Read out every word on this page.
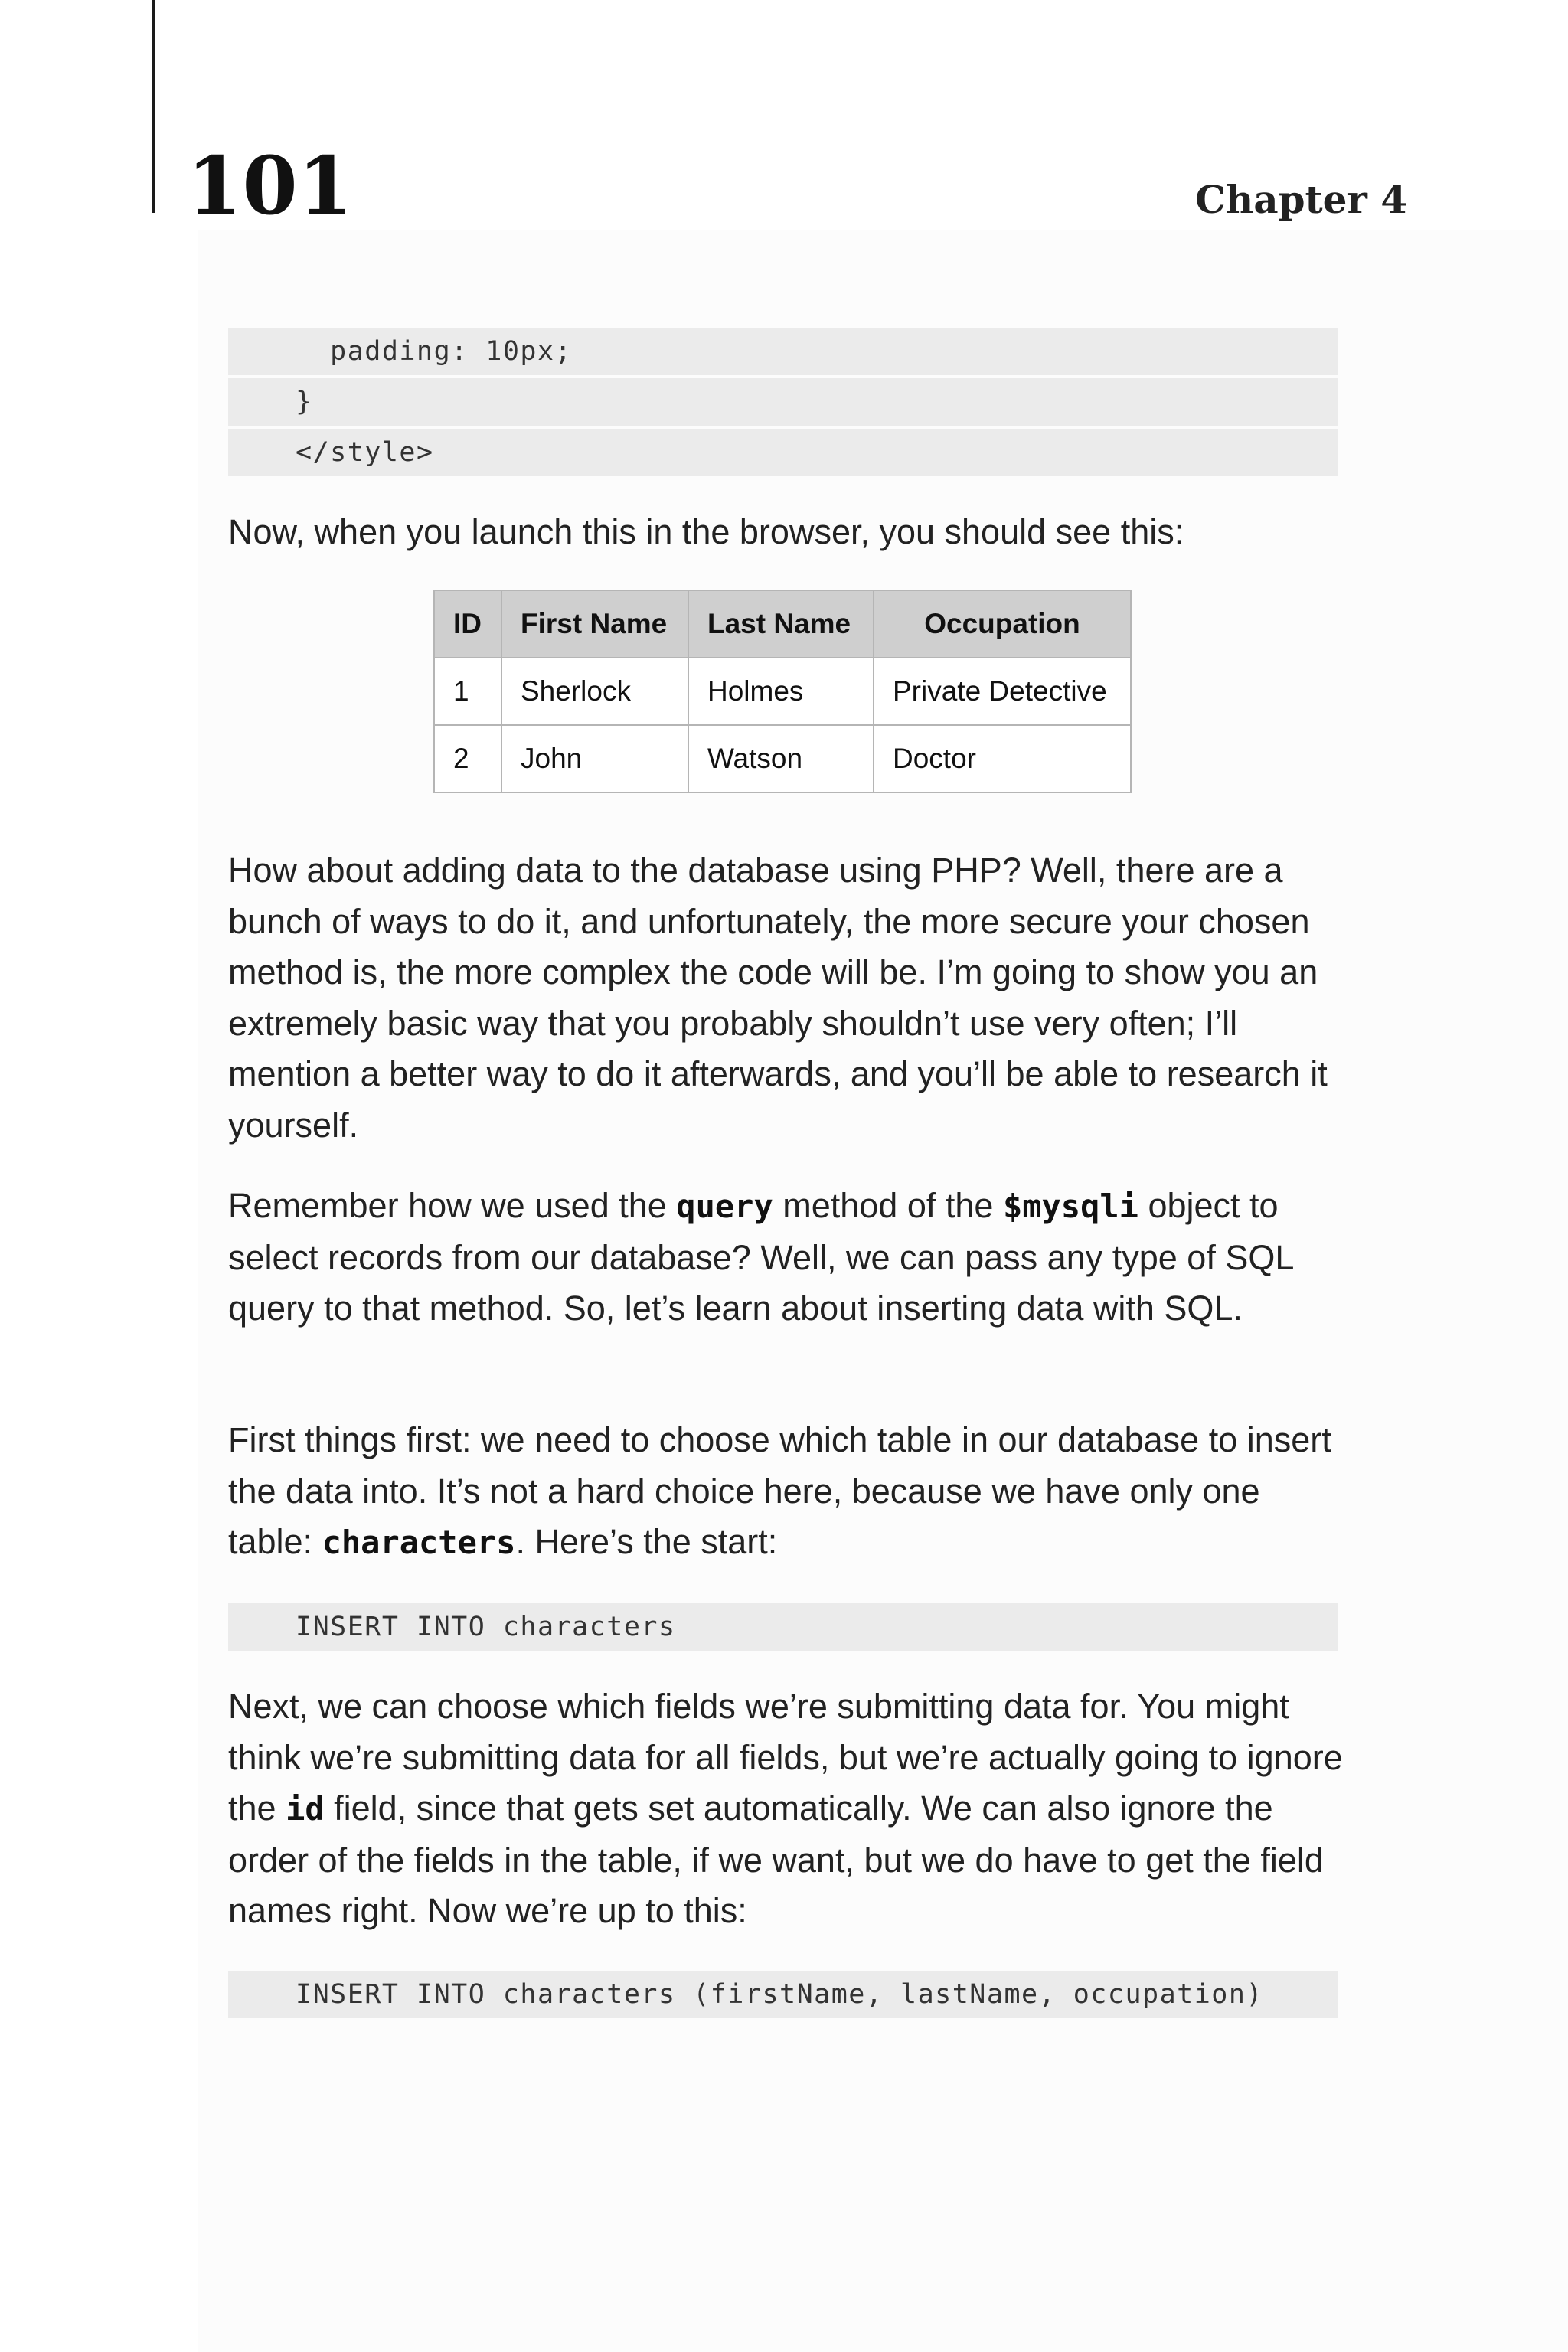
101	Chapter 4
padding: 10px;
}
</style>

Now, when you launch this in the browser, you should see this:

ID	First Name	Last Name	Occupation
1	Sherlock	Holmes	Private Detective
2	John	Watson	Doctor

How about adding data to the database using PHP? Well, there are a bunch of ways to do it, and unfortunately, the more secure your chosen method is, the more complex the code will be. I’m going to show you an extremely basic way that you probably shouldn’t use very often; I’ll mention a better way to do it afterwards, and you’ll be able to research it yourself.

Remember how we used the query method of the $mysqli object to select records from our database? Well, we can pass any type of SQL query to that method. So, let’s learn about inserting data with SQL.

First things first: we need to choose which table in our database to insert the data into. It’s not a hard choice here, because we have only one table: characters. Here’s the start:

INSERT INTO characters

Next, we can choose which fields we’re submitting data for. You might think we’re submitting data for all fields, but we’re actually going to ignore the id field, since that gets set automatically. We can also ignore the order of the fields in the table, if we want, but we do have to get the field names right. Now we’re up to this:

INSERT INTO characters (firstName, lastName, occupation)
